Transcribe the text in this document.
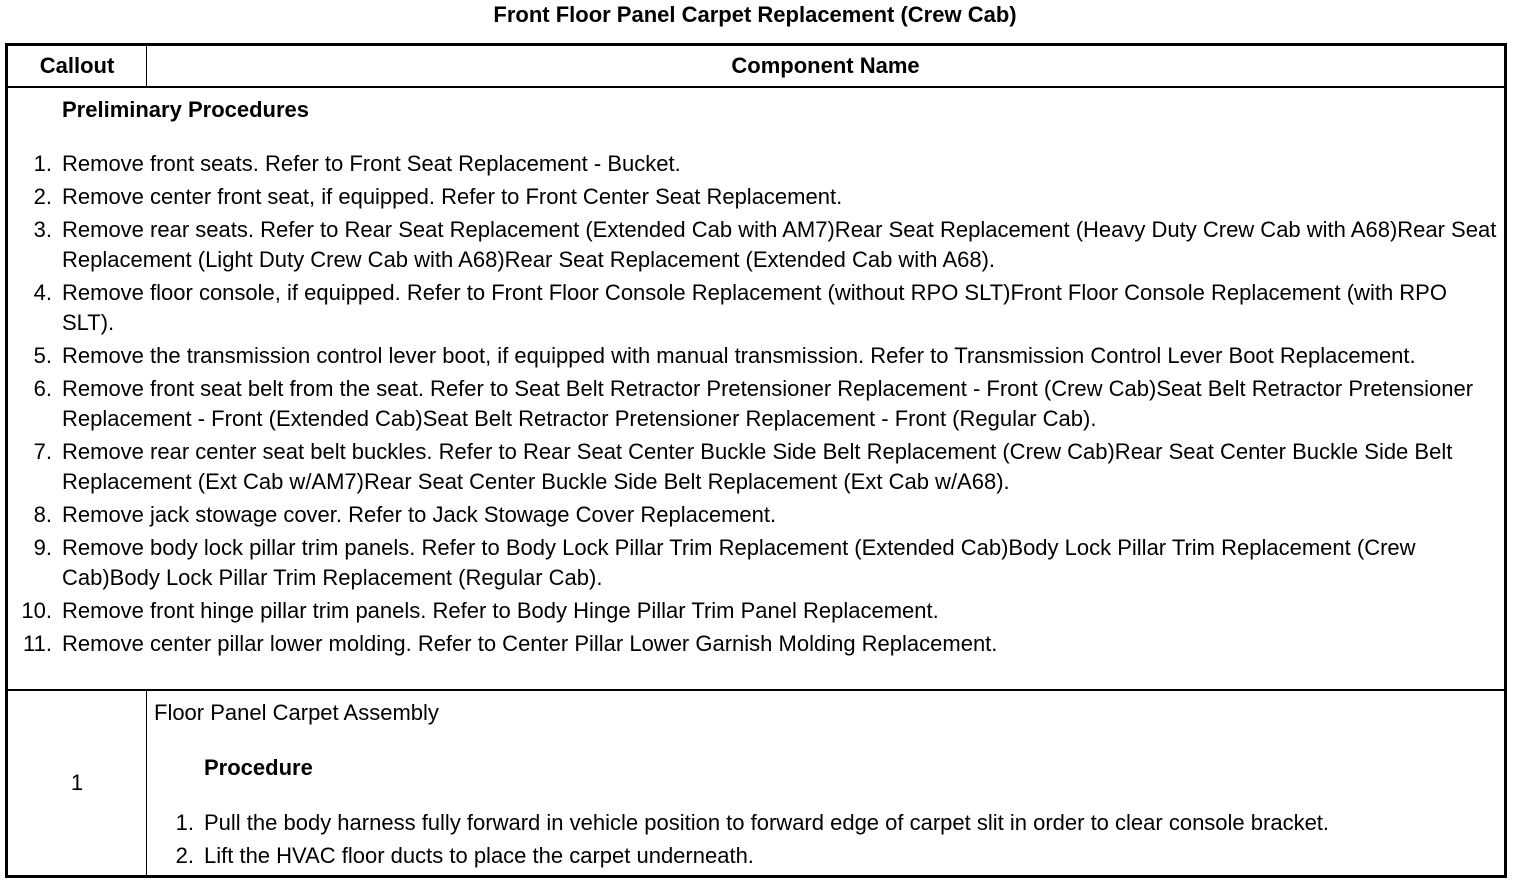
Front Floor Panel Carpet Replacement (Crew Cab)
Callout	Component Name
Preliminary Procedures
1. Remove front seats. Refer to Front Seat Replacement - Bucket.
2. Remove center front seat, if equipped. Refer to Front Center Seat Replacement.
3. Remove rear seats. Refer to Rear Seat Replacement (Extended Cab with AM7)Rear Seat Replacement (Heavy Duty Crew Cab with A68)Rear Seat Replacement (Light Duty Crew Cab with A68)Rear Seat Replacement (Extended Cab with A68).
4. Remove floor console, if equipped. Refer to Front Floor Console Replacement (without RPO SLT)Front Floor Console Replacement (with RPO SLT).
5. Remove the transmission control lever boot, if equipped with manual transmission. Refer to Transmission Control Lever Boot Replacement.
6. Remove front seat belt from the seat. Refer to Seat Belt Retractor Pretensioner Replacement - Front (Crew Cab)Seat Belt Retractor Pretensioner Replacement - Front (Extended Cab)Seat Belt Retractor Pretensioner Replacement - Front (Regular Cab).
7. Remove rear center seat belt buckles. Refer to Rear Seat Center Buckle Side Belt Replacement (Crew Cab)Rear Seat Center Buckle Side Belt Replacement (Ext Cab w/AM7)Rear Seat Center Buckle Side Belt Replacement (Ext Cab w/A68).
8. Remove jack stowage cover. Refer to Jack Stowage Cover Replacement.
9. Remove body lock pillar trim panels. Refer to Body Lock Pillar Trim Replacement (Extended Cab)Body Lock Pillar Trim Replacement (Crew Cab)Body Lock Pillar Trim Replacement (Regular Cab).
10. Remove front hinge pillar trim panels. Refer to Body Hinge Pillar Trim Panel Replacement.
11. Remove center pillar lower molding. Refer to Center Pillar Lower Garnish Molding Replacement.
1
Floor Panel Carpet Assembly
Procedure
1. Pull the body harness fully forward in vehicle position to forward edge of carpet slit in order to clear console bracket.
2. Lift the HVAC floor ducts to place the carpet underneath.
